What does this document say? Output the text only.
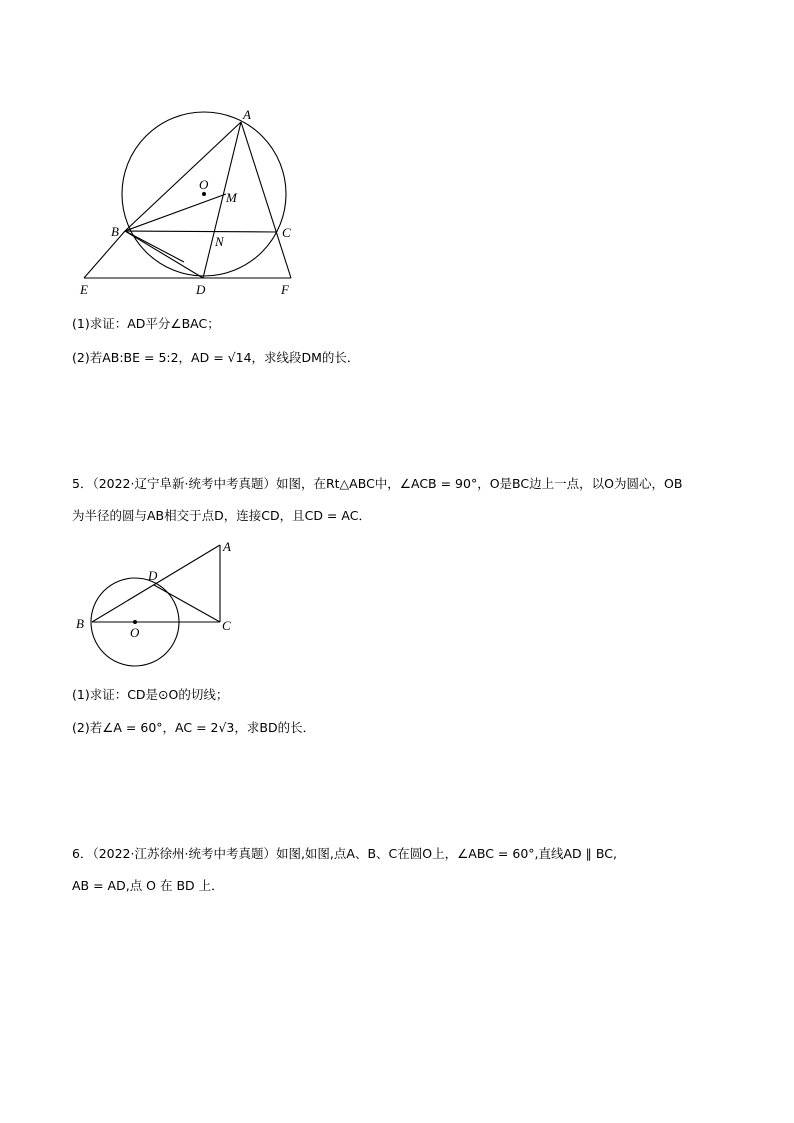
A
B	C
D
E	F
O
M
N
(1)求证：AD平分∠BAC；
(2)若AB:BE = 5:2，AD = √14，求线段DM的长．
5．（2022·辽宁阜新·统考中考真题）如图，在Rt△ABC中，∠ACB = 90°，O是BC边上一点，以O为圆心，OB
为半径的圆与AB相交于点D，连接CD，且CD = AC．
A
B	C
D
O
(1)求证：CD是⊙O的切线；
(2)若∠A = 60°，AC = 2√3，求BD的长．
6．（2022·江苏徐州·统考中考真题）如图,如图,点A、B、C在圆O上，∠ABC = 60°,直线AD ∥ BC,
AB = AD,点 O 在 BD 上．
